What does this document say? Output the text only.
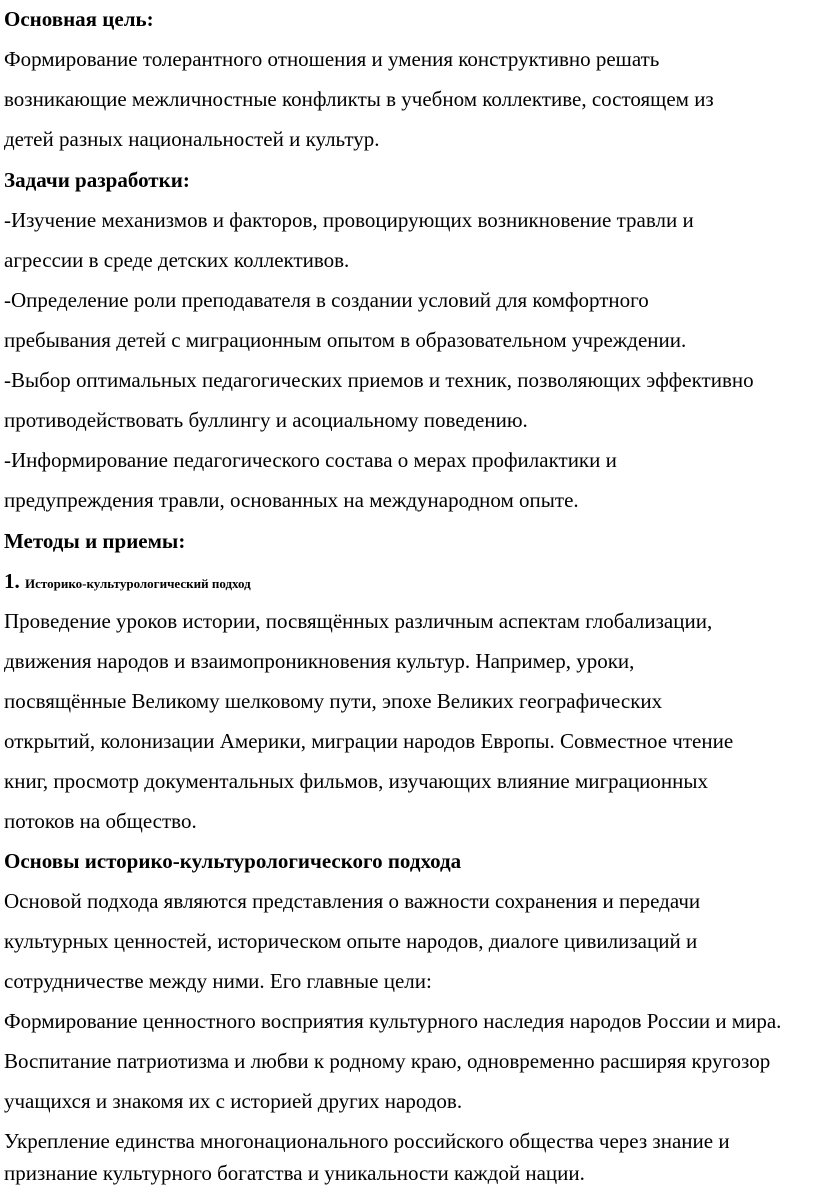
Основная цель:
Формирование толерантного отношения и умения конструктивно решать
возникающие межличностные конфликты в учебном коллективе, состоящем из
детей разных национальностей и культур.
Задачи разработки:
-Изучение механизмов и факторов, провоцирующих возникновение травли и
агрессии в среде детских коллективов.
-Определение роли преподавателя в создании условий для комфортного
пребывания детей с миграционным опытом в образовательном учреждении.
-Выбор оптимальных педагогических приемов и техник, позволяющих эффективно
противодействовать буллингу и асоциальному поведению.
-Информирование педагогического состава о мерах профилактики и
предупреждения травли, основанных на международном опыте.
Методы и приемы:
1. Историко-культурологический подход
Проведение уроков истории, посвящённых различным аспектам глобализации,
движения народов и взаимопроникновения культур. Например, уроки,
посвящённые Великому шелковому пути, эпохе Великих географических
открытий, колонизации Америки, миграции народов Европы. Совместное чтение
книг, просмотр документальных фильмов, изучающих влияние миграционных
потоков на общество.
Основы историко-культурологического подхода
Основой подхода являются представления о важности сохранения и передачи
культурных ценностей, историческом опыте народов, диалоге цивилизаций и
сотрудничестве между ними. Его главные цели:
Формирование ценностного восприятия культурного наследия народов России и мира.
Воспитание патриотизма и любви к родному краю, одновременно расширяя кругозор
учащихся и знакомя их с историей других народов.
Укрепление единства многонационального российского общества через знание и
признание культурного богатства и уникальности каждой нации.
